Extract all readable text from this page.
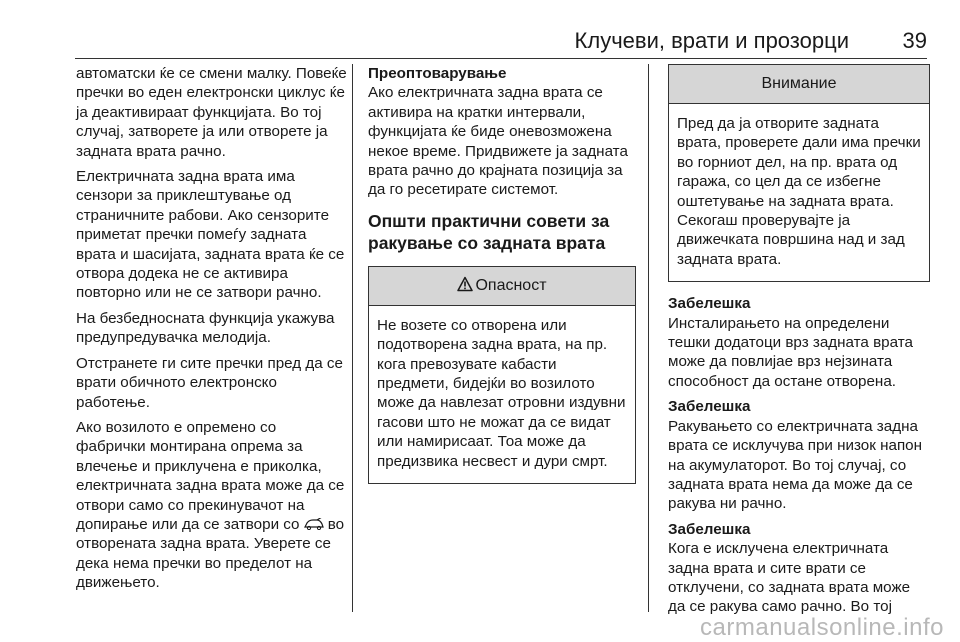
Клучеви, врати и прозорци 39

автоматски ќе се смени малку. Повеќе пречки во еден електронски циклус ќе ја деактивираат функцијата. Во тој случај, затворете ја или отворете ја задната врата рачно.

Електричната задна врата има сензори за приклештување од страничните рабови. Ако сензорите приметат пречки помеѓу задната врата и шасијата, задната врата ќе се отвора додека не се активира повторно или не се затвори рачно.

На безбедносната функција укажува предупредувачка мелодија.

Отстранете ги сите пречки пред да се врати обичното електронско работење.

Ако возилото е опремено со фабрички монтирана опрема за влечење и приклучена е приколка, електричната задна врата може да се отвори само со прекинувачот на допирање или да се затвори со во отворената задна врата. Уверете се дека нема пречки во пределот на движењето.

Преоптоварување

Ако електричната задна врата се активира на кратки интервали, функцијата ќе биде оневозможена некое време. Придвижете ја задната врата рачно до крајната позиција за да го ресетирате системот.

Општи практични совети за ракување со задната врата
Опасност
Не возете со отворена или подотворена задна врата, на пр. кога превозувате кабасти предмети, бидејќи во возилото може да навлезат отровни издувни гасови што не можат да се видат или намирисаат. Тоа може да предизвика несвест и дури смрт.
Внимание
Пред да ја отворите задната врата, проверете дали има пречки во горниот дел, на пр. врата од гаража, со цел да се избегне оштетување на задната врата. Секогаш проверувајте ја движечката површина над и зад задната врата.
Забелешка

Инсталирањето на определени тешки додатоци врз задната врата може да повлијае врз нејзината способност да остане отворена.

Забелешка

Ракувањето со електричната задна врата се исклучува при низок напон на акумулаторот. Во тој случај, со задната врата нема да може да се ракува ни рачно.

Забелешка

Кога е исклучена електричната задна врата и сите врати се отклучени, со задната врата може да се ракува само рачно. Во тој

carmanualsonline.info
